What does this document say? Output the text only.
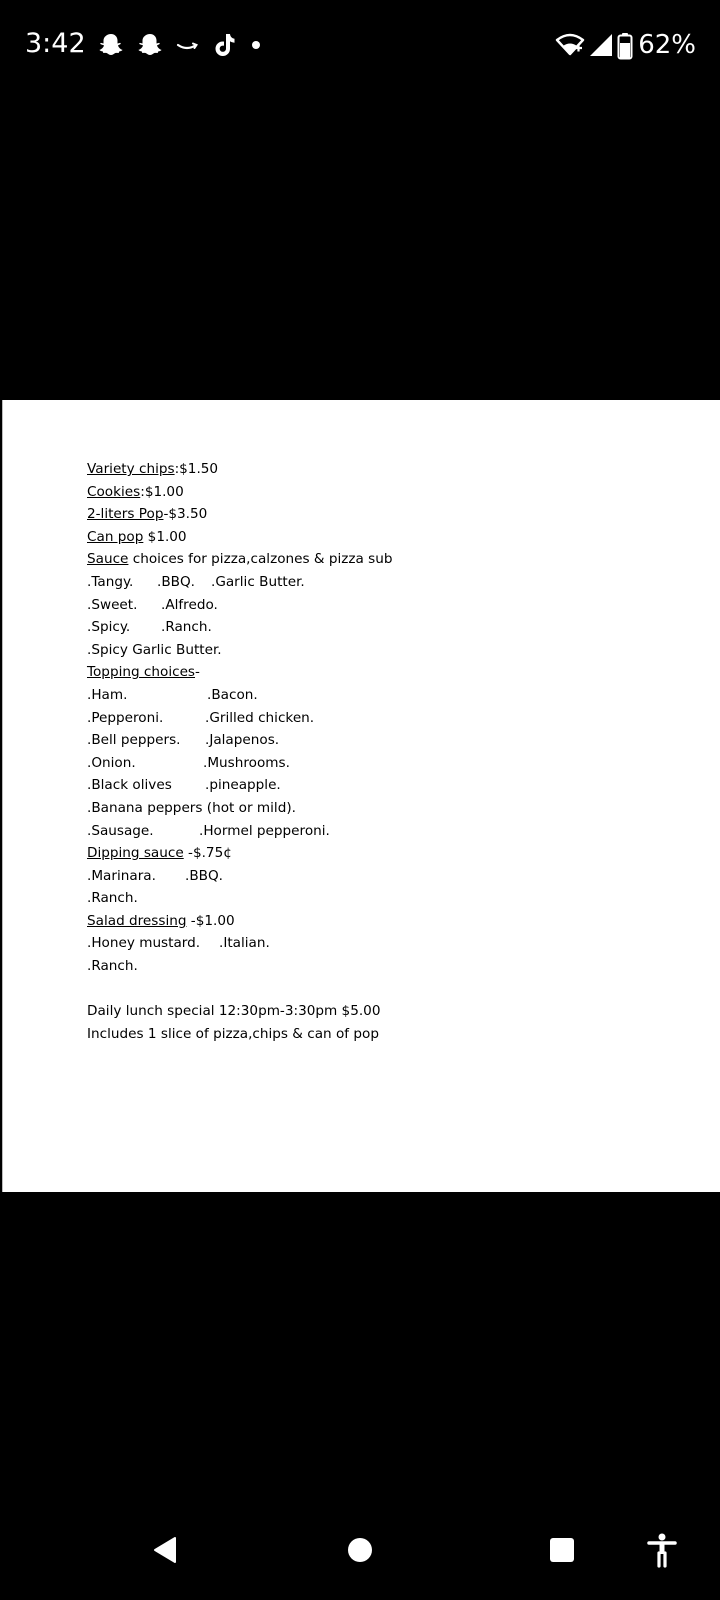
3:42	62%
Variety chips:$1.50
Cookies:$1.00
2-liters Pop-$3.50
Can pop $1.00
Sauce choices for pizza,calzones & pizza sub
.Tangy. .BBQ. .Garlic Butter.
.Sweet. .Alfredo.
.Spicy. .Ranch.
.Spicy Garlic Butter.
Topping choices-
.Ham.	.Bacon.
.Pepperoni.	.Grilled chicken.
.Bell peppers. .Jalapenos.
.Onion.	.Mushrooms.
.Black olives .pineapple.
.Banana peppers (hot or mild).
.Sausage.	.Hormel pepperoni.
Dipping sauce -$.75¢
.Marinara. .BBQ.
.Ranch.
Salad dressing -$1.00
.Honey mustard. .Italian.
.Ranch.
Daily lunch special 12:30pm-3:30pm $5.00
Includes 1 slice of pizza,chips & can of pop
